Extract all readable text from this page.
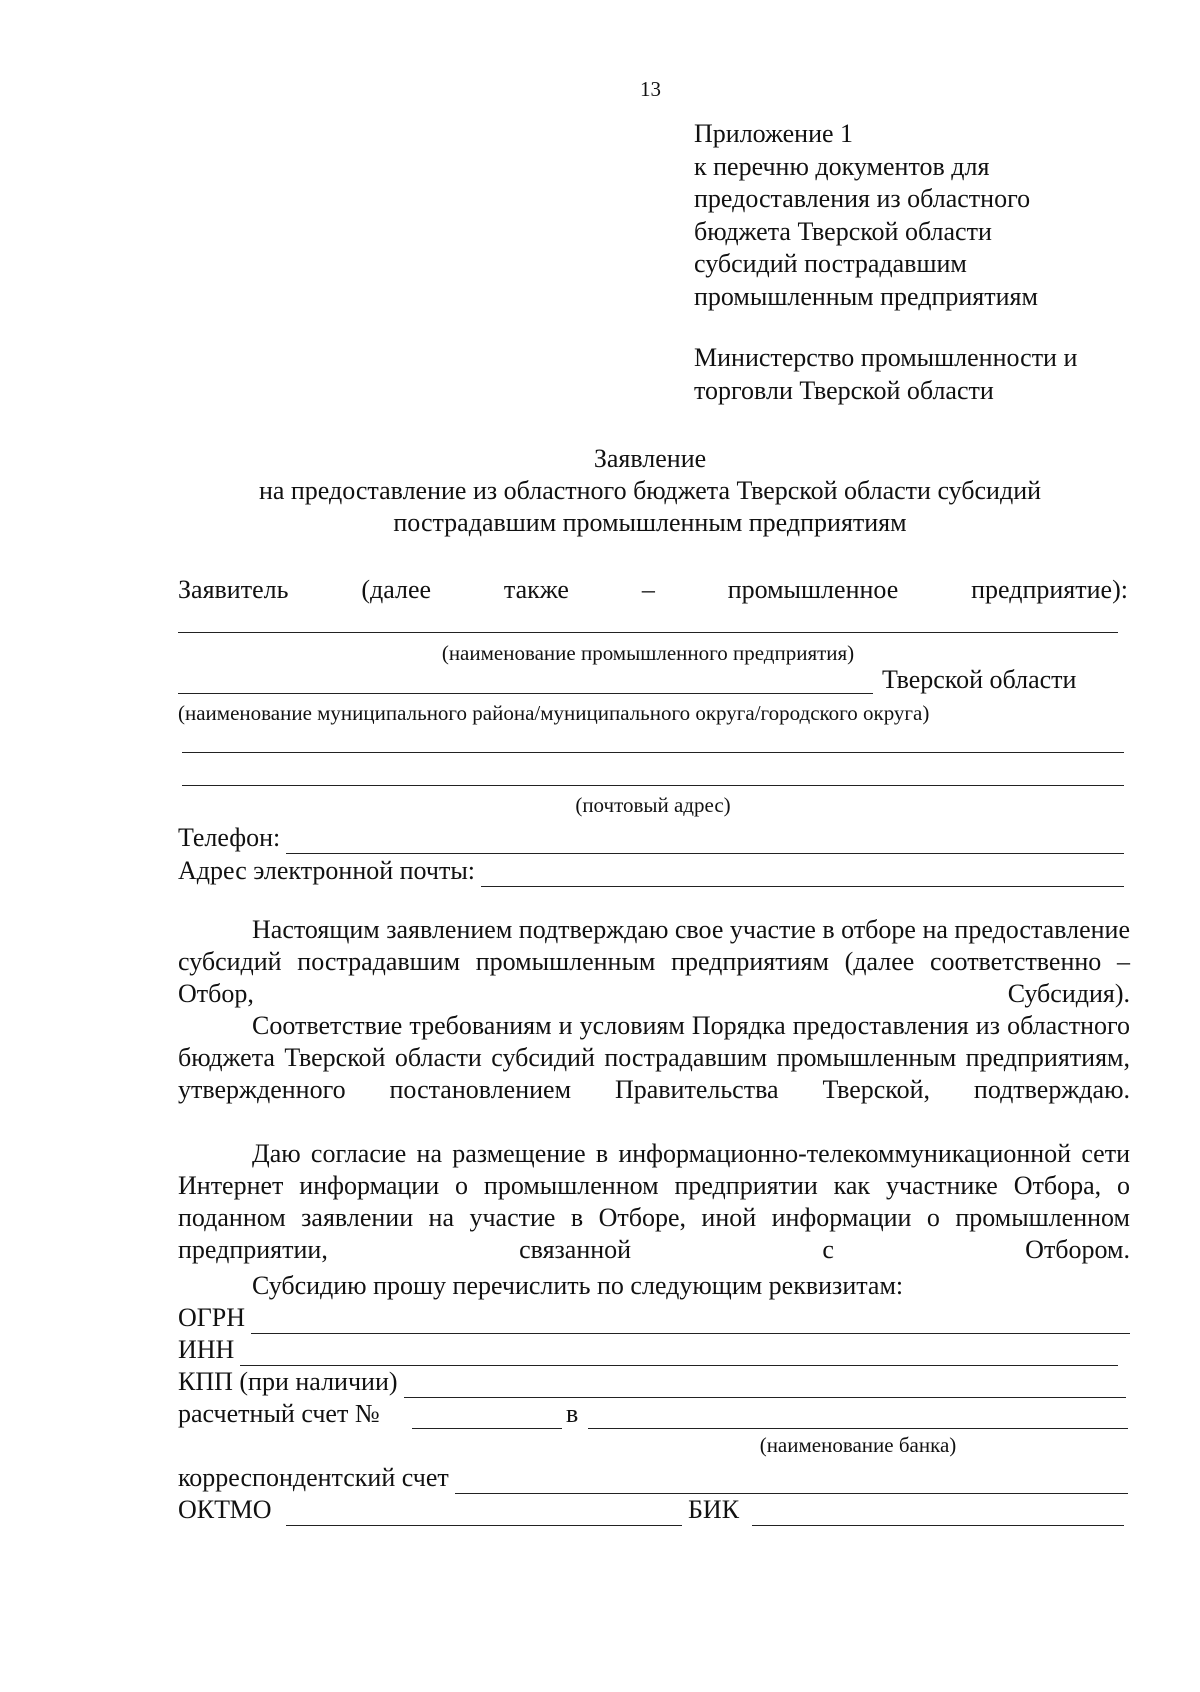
13
Приложение 1
к перечню документов для
предоставления из областного
бюджета Тверской области
субсидий пострадавшим
промышленным предприятиям
Министерство промышленности и
торговли Тверской области
Заявление
на предоставление из областного бюджета Тверской области субсидий
пострадавшим промышленным предприятиям
Заявитель	(далее	также	–	промышленное	предприятие):
(наименование промышленного предприятия)
Тверской области
(наименование муниципального района/муниципального округа/городского округа)
(почтовый адрес)
Телефон:
Адрес электронной почты:
Настоящим заявлением подтверждаю свое участие в отборе на предоставление субсидий пострадавшим промышленным предприятиям (далее соответственно – Отбор, Субсидия).
Соответствие требованиям и условиям Порядка предоставления из областного бюджета Тверской области субсидий пострадавшим промышленным предприятиям, утвержденного постановлением Правительства Тверской, подтверждаю.
Даю согласие на размещение в информационно-телекоммуникационной сети Интернет информации о промышленном предприятии как участнике Отбора, о поданном заявлении на участие в Отборе, иной информации о промышленном предприятии, связанной с Отбором.
Субсидию прошу перечислить по следующим реквизитам:
ОГРН
ИНН
КПП (при наличии)
расчетный счет №	в
(наименование банка)
корреспондентский счет
ОКТМО	БИК
